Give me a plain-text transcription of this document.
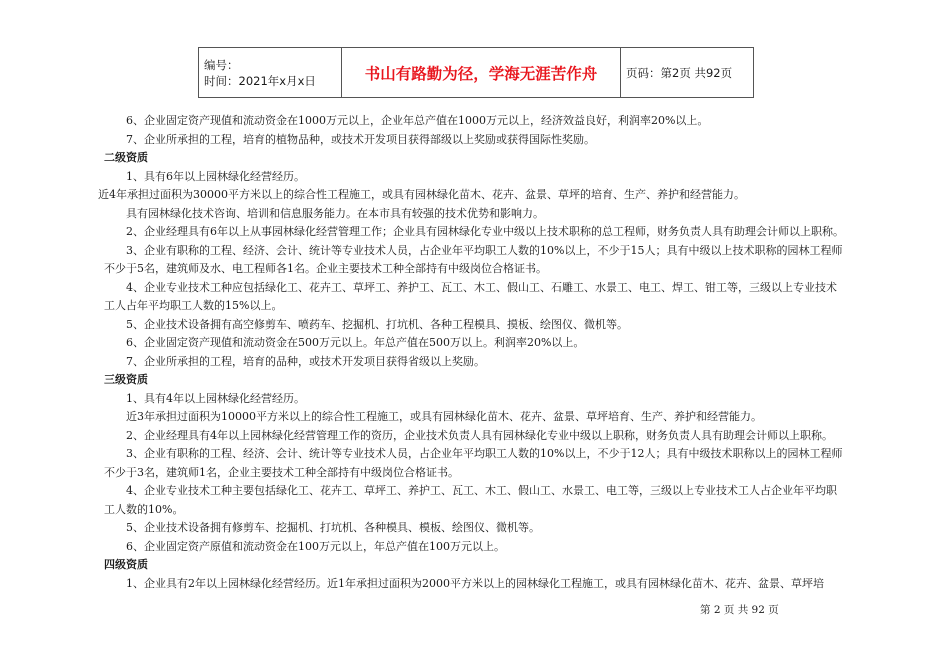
编号：
时间：2021年x月x日	书山有路勤为径，学海无涯苦作舟	页码：第2页 共92页

6、企业固定资产现值和流动资金在1000万元以上，企业年总产值在1000万元以上，经济效益良好，利润率20%以上。

7、企业所承担的工程，培育的植物品种，或技术开发项目获得部级以上奖励或获得国际性奖励。

二级资质

1、具有6年以上园林绿化经营经历。

近4年承担过面积为30000平方米以上的综合性工程施工，或具有园林绿化苗木、花卉、盆景、草坪的培育、生产、养护和经营能力。

具有园林绿化技术咨询、培训和信息服务能力。在本市具有较强的技术优势和影响力。

2、企业经理具有6年以上从事园林绿化经营管理工作；企业具有园林绿化专业中级以上技术职称的总工程师，财务负责人具有助理会计师以上职称。

3、企业有职称的工程、经济、会计、统计等专业技术人员，占企业年平均职工人数的10%以上，不少于15人；具有中级以上技术职称的园林工程师不少于5名，建筑师及水、电工程师各1名。企业主要技术工种全部持有中级岗位合格证书。

4、企业专业技术工种应包括绿化工、花卉工、草坪工、养护工、瓦工、木工、假山工、石雕工、水景工、电工、焊工、钳工等，三级以上专业技术工人占年平均职工人数的15%以上。

5、企业技术设备拥有高空修剪车、喷药车、挖掘机、打坑机、各种工程模具、摸板、绘图仪、微机等。

6、企业固定资产现值和流动资金在500万元以上。年总产值在500万以上。利润率20%以上。

7、企业所承担的工程，培育的品种，或技术开发项目获得省级以上奖励。

三级资质

1、具有4年以上园林绿化经营经历。

近3年承担过面积为10000平方米以上的综合性工程施工，或具有园林绿化苗木、花卉、盆景、草坪培育、生产、养护和经营能力。

2、企业经理具有4年以上园林绿化经营管理工作的资历，企业技术负责人具有园林绿化专业中级以上职称，财务负责人具有助理会计师以上职称。

3、企业有职称的工程、经济、会计、统计等专业技术人员，占企业年平均职工人数的10%以上，不少于12人；具有中级技术职称以上的园林工程师不少于3名，建筑师1名，企业主要技术工种全部持有中级岗位合格证书。

4、企业专业技术工种主要包括绿化工、花卉工、草坪工、养护工、瓦工、木工、假山工、水景工、电工等，三级以上专业技术工人占企业年平均职工人数的10%。

5、企业技术设备拥有修剪车、挖掘机、打坑机、各种模具、模板、绘图仪、微机等。

6、企业固定资产原值和流动资金在100万元以上，年总产值在100万元以上。

四级资质

1、企业具有2年以上园林绿化经营经历。近1年承担过面积为2000平方米以上的园林绿化工程施工，或具有园林绿化苗木、花卉、盆景、草坪培

第 2 页 共 92 页
